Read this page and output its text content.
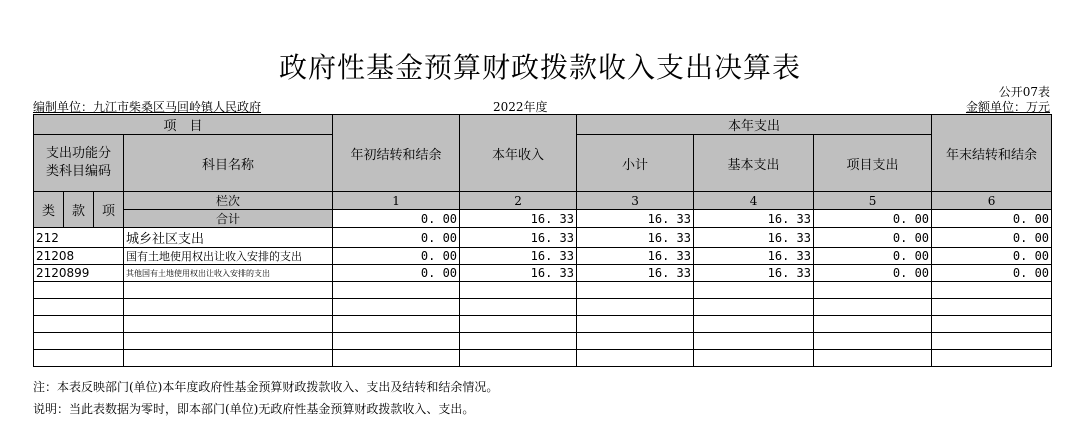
政府性基金预算财政拨款收入支出决算表
公开07表
编制单位：九江市柴桑区马回岭镇人民政府	2022年度	金额单位：万元
项　目				年初结转和结余	本年收入	本年支出			年末结转和结余
支出功能分类科目编码			科目名称			小计	基本支出	项目支出	
类	款	项	栏次	1	2	3	4	5	6
			合计	0. 00	16. 33	16. 33	16. 33	0. 00	0. 00
212			城乡社区支出	0. 00	16. 33	16. 33	16. 33	0. 00	0. 00
21208			国有土地使用权出让收入安排的支出	0. 00	16. 33	16. 33	16. 33	0. 00	0. 00
2120899			其他国有土地使用权出让收入安排的支出	0. 00	16. 33	16. 33	16. 33	0. 00	0. 00

注：本表反映部门(单位)本年度政府性基金预算财政拨款收入、支出及结转和结余情况。
说明：当此表数据为零时，即本部门(单位)无政府性基金预算财政拨款收入、支出。
